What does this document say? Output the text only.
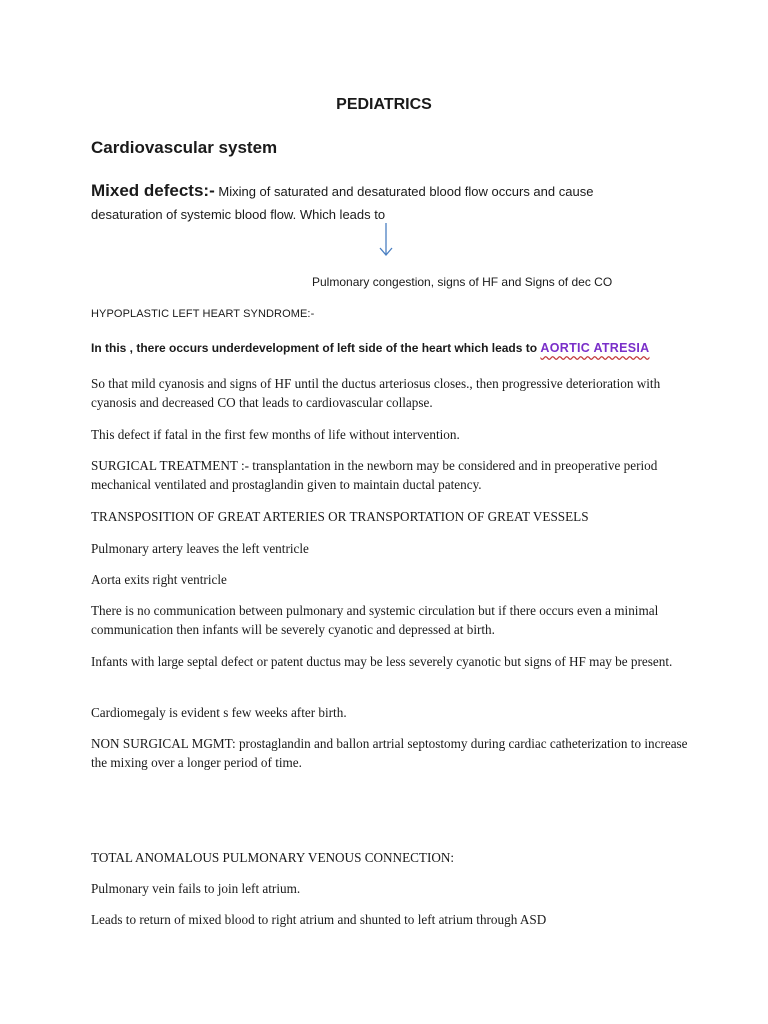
PEDIATRICS
Cardiovascular system

Mixed defects:- Mixing of saturated and desaturated blood flow occurs and cause desaturation of systemic blood flow. Which leads to

Pulmonary congestion, signs of HF and Signs of dec CO

HYPOPLASTIC LEFT HEART SYNDROME:-

In this , there occurs underdevelopment of left side of the heart which leads to AORTIC ATRESIA

So that mild cyanosis and signs of HF until the ductus arteriosus closes., then progressive deterioration with cyanosis and decreased CO that leads to cardiovascular collapse.

This defect if fatal in the first few months of life without intervention.

SURGICAL TREATMENT :- transplantation in the newborn may be considered and in preoperative period mechanical ventilated and prostaglandin given to maintain ductal patency.

TRANSPOSITION OF GREAT ARTERIES OR TRANSPORTATION OF GREAT VESSELS

Pulmonary artery leaves the left ventricle

Aorta exits right ventricle

There is no communication between pulmonary and systemic circulation but if there occurs even a minimal communication then infants will be severely cyanotic and depressed at birth.

Infants with large septal defect or patent ductus may be less severely cyanotic but signs of HF may be present.

Cardiomegaly is evident s few weeks after birth.

NON SURGICAL MGMT: prostaglandin and ballon artrial septostomy during cardiac catheterization to increase the mixing over a longer period of time.

TOTAL ANOMALOUS PULMONARY VENOUS CONNECTION:

Pulmonary vein fails to join left atrium.

Leads to return of mixed blood to right atrium and shunted to left atrium through ASD
